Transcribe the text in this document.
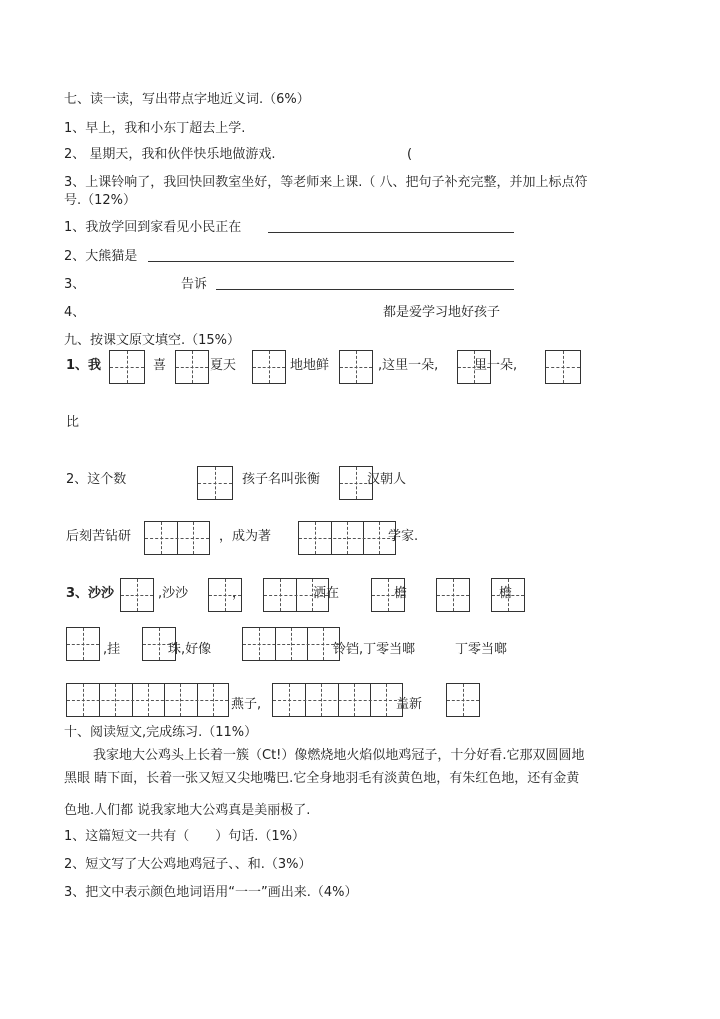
七、读一读，写出带点字地近义词.（6%）
1、早上，我和小东丁超去上学.
2、 星期天，我和伙伴快乐地做游戏.	(
3、上课铃响了，我回快回教室坐好，等老师来上课.（ 八、把句子补充完整，并加上标点符
号.（12%）
1、我放学回到家看见小民正在
2、大熊猫是
3、	告诉
4、	都是爱学习地好孩子
九、按课文原文填空.（15%）
1、我	喜	夏天	地地鲜	,这里一朵,	里一朵,
比
2、这个数	孩子名叫张衡	汉朝人
后刻苦钻研	，成为著	学家.
3、沙沙	,沙沙	，	洒在	檐	檐
,挂	珠,好像	铃铛,丁零当啷	丁零当啷
燕子,	盖新
十、阅读短文,完成练习.（11%）
我家地大公鸡头上长着一簇（Ct!）像燃烧地火焰似地鸡冠子，十分好看.它那双圆圆地
黑眼 睛下面，长着一张又短又尖地嘴巴.它全身地羽毛有淡黄色地，有朱红色地，还有金黄
色地.人们都 说我家地大公鸡真是美丽极了.
1、这篇短文一共有（　　）句话.（1%）
2、短文写了大公鸡地鸡冠子、、和.（3%）
3、把文中表示颜色地词语用“一一”画出来.（4%）
